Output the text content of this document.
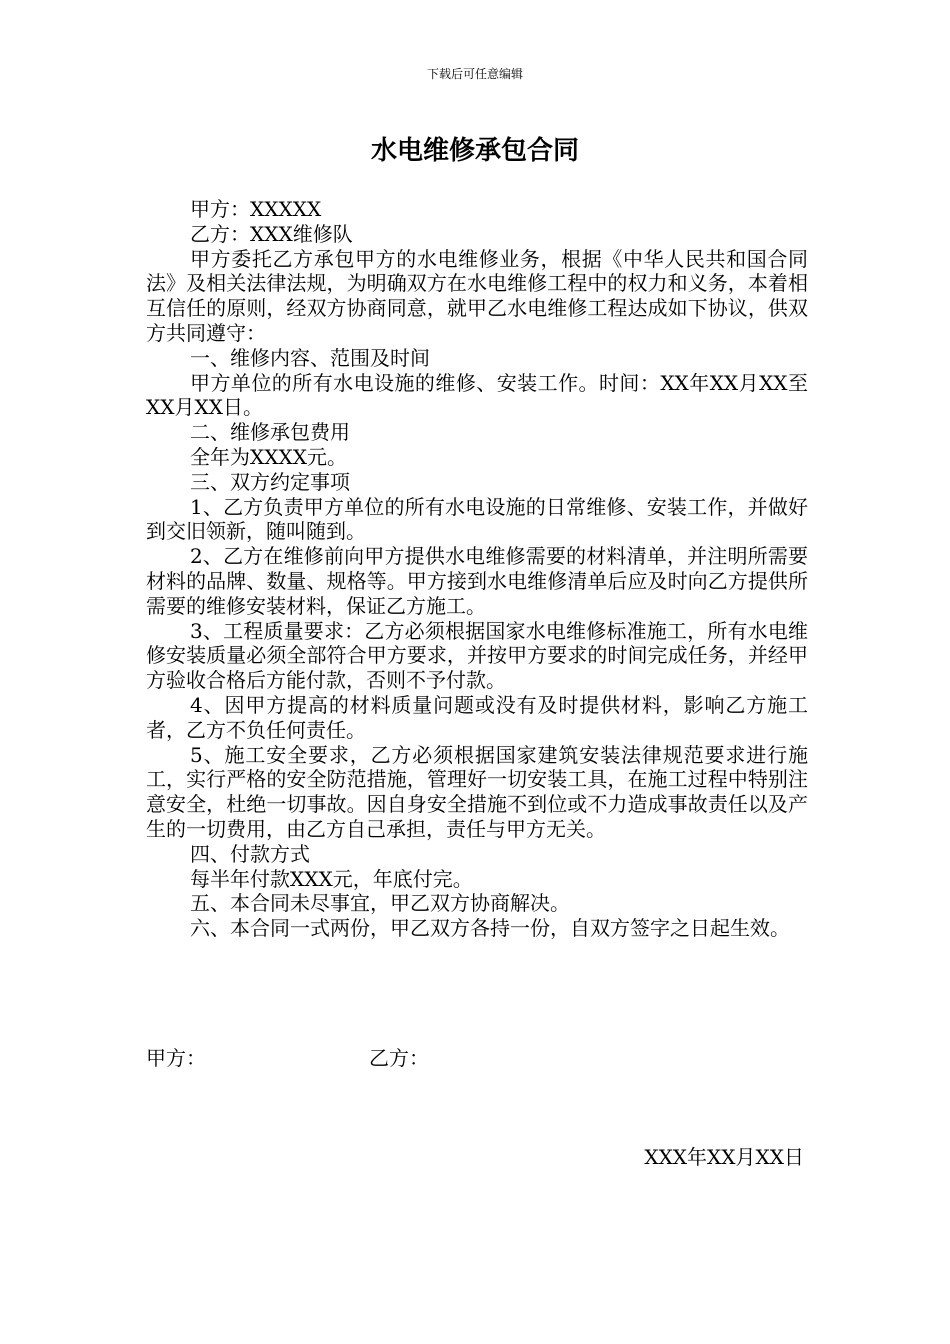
下载后可任意编辑
水电维修承包合同

甲方：XXXXX

乙方：XXX维修队

甲方委托乙方承包甲方的水电维修业务，根据《中华人民共和国合同法》及相关法律法规，为明确双方在水电维修工程中的权力和义务，本着相互信任的原则，经双方协商同意，就甲乙水电维修工程达成如下协议，供双方共同遵守：

一、维修内容、范围及时间

甲方单位的所有水电设施的维修、安装工作。时间：XX年XX月XX至XX月XX日。

二、维修承包费用

全年为XXXX元。

三、双方约定事项

1、乙方负责甲方单位的所有水电设施的日常维修、安装工作，并做好到交旧领新，随叫随到。

2、乙方在维修前向甲方提供水电维修需要的材料清单，并注明所需要材料的品牌、数量、规格等。甲方接到水电维修清单后应及时向乙方提供所需要的维修安装材料，保证乙方施工。

3、工程质量要求：乙方必须根据国家水电维修标准施工，所有水电维修安装质量必须全部符合甲方要求，并按甲方要求的时间完成任务，并经甲方验收合格后方能付款，否则不予付款。

4、因甲方提高的材料质量问题或没有及时提供材料，影响乙方施工者，乙方不负任何责任。

5、施工安全要求，乙方必须根据国家建筑安装法律规范要求进行施工，实行严格的安全防范措施，管理好一切安装工具，在施工过程中特别注意安全，杜绝一切事故。因自身安全措施不到位或不力造成事故责任以及产生的一切费用，由乙方自己承担，责任与甲方无关。

四、付款方式

每半年付款XXX元，年底付完。

五、本合同未尽事宜，甲乙双方协商解决。

六、本合同一式两份，甲乙双方各持一份，自双方签字之日起生效。

甲方：	乙方：
XXX年XX月XX日
